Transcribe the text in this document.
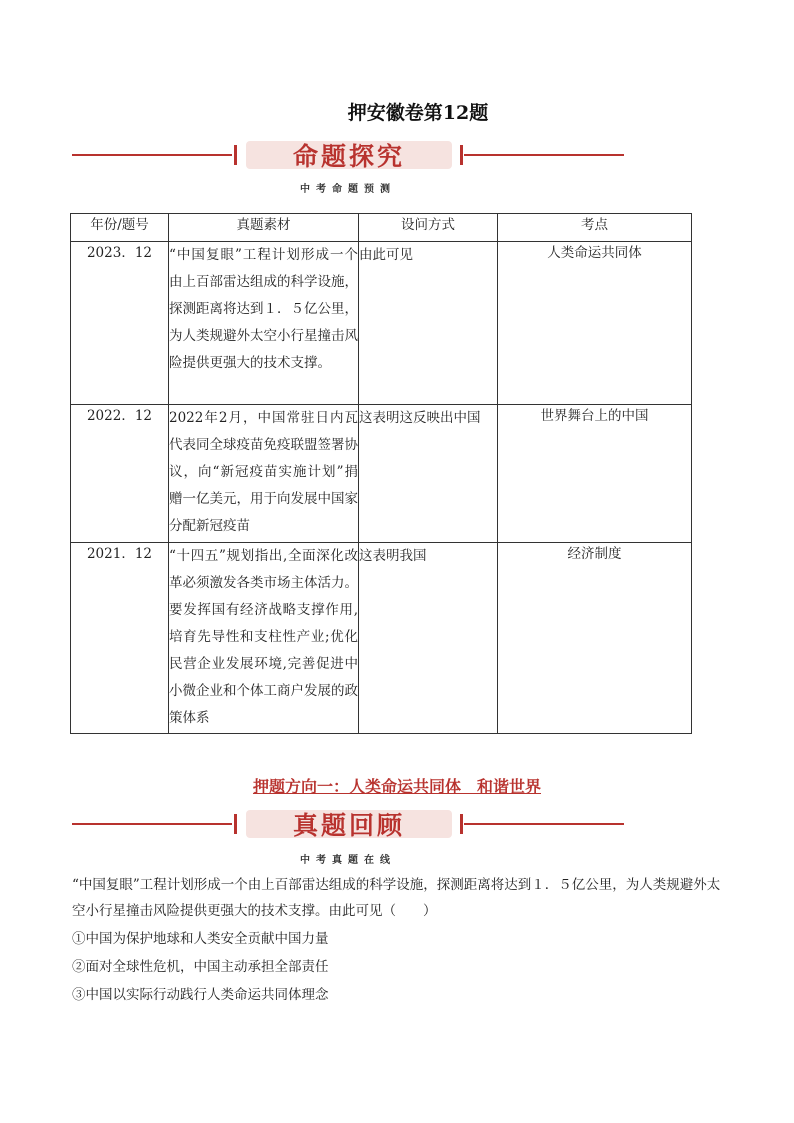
押安徽卷第12题
命题探究
中考命题预测
年份/题号	真题素材	设问方式	考点
2023．12	“中国复眼”工程计划形成一个由上百部雷达组成的科学设施，探测距离将达到１．５亿公里，为人类规避外太空小行星撞击风险提供更强大的技术支撑。	由此可见	人类命运共同体
2022．12	2022年2月，中国常驻日内瓦代表同全球疫苗免疫联盟签署协议，向“新冠疫苗实施计划”捐赠一亿美元，用于向发展中国家分配新冠疫苗	这表明这反映出中国	世界舞台上的中国
2021．12	“十四五”规划指出,全面深化改革必须激发各类市场主体活力。要发挥国有经济战略支撑作用,培育先导性和支柱性产业;优化民营企业发展环境,完善促进中小微企业和个体工商户发展的政策体系	这表明我国	经济制度
押题方向一：人类命运共同体　和谐世界
真题回顾
中考真题在线

“中国复眼”工程计划形成一个由上百部雷达组成的科学设施，探测距离将达到１．５亿公里，为人类规避外太空小行星撞击风险提供更强大的技术支撑。由此可见（　　）

①中国为保护地球和人类安全贡献中国力量

②面对全球性危机，中国主动承担全部责任

③中国以实际行动践行人类命运共同体理念
